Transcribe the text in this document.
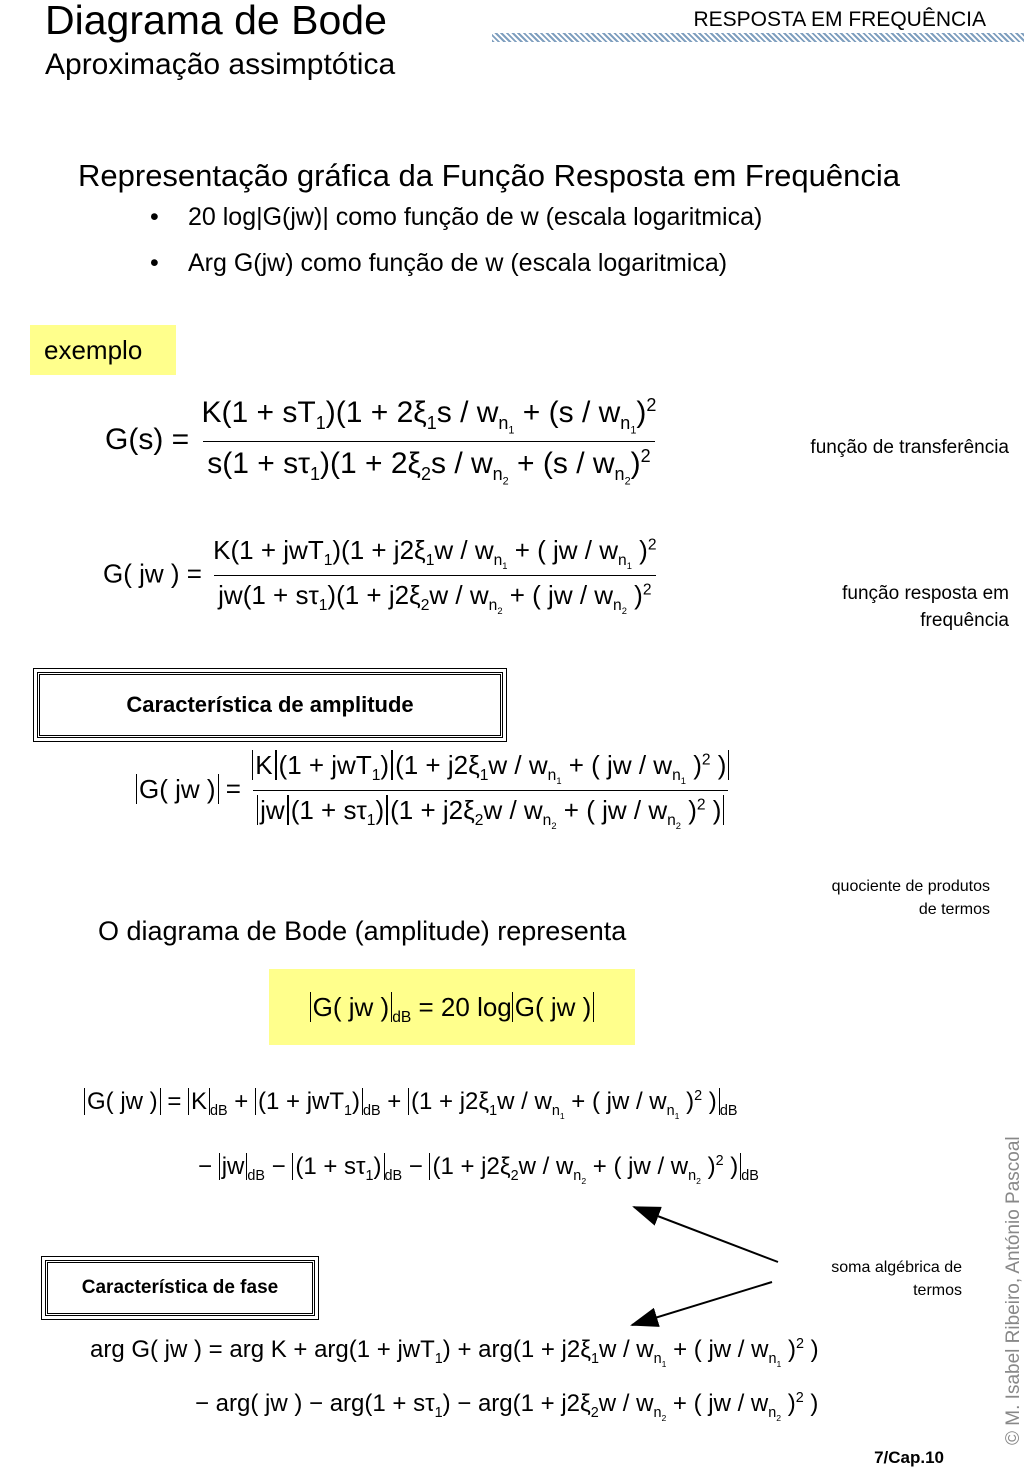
Diagrama de Bode
Aproximação assimptótica
RESPOSTA EM FREQUÊNCIA
Representação gráfica da Função Resposta em Frequência
• 20 log|G(jw)| como função de w (escala logaritmica)
• Arg G(jw) como função de w (escala logaritmica)
exemplo
$G(s) = \frac{K(1 + sT_1)(1 + 2\xi_1s / w_{n_1} + (s / w_{n_1})^2}{s(1 + s\tau_1)(1 + 2\xi_2s / w_{n_2} + (s / w_{n_2})^2}$	função de transferência
G( jw ) = $\frac{K(1 + jwT_1)(1 + j2\xi_1w / w_{n_1} + ( jw / w_{n_1} )^2}{jw(1 + s\tau_1)(1 + j2\xi_2w / w_{n_2} + ( jw / w_{n_2} )^2}$	função resposta em
frequência
Característica de amplitude
G( jw ) = $\frac{K (1 + jwT_1) (1 + j2\xi_1w / w_{n_1} + ( jw / w_{n_1} )^2 )}{jw (1 + s\tau_1) (1 + j2\xi_2w / w_{n_2} + ( jw / w_{n_2} )^2 )}$
quociente de produtos
de termos
O diagrama de Bode (amplitude) representa
G( jw ) $_{dB}$ = 20 log G( jw )
G( jw ) = K $_{dB}$ + (1 + jwT$_1$) $_{dB} + (1 + j2\xi_1w / w_{n_1}$ + ( jw / $w_{n_1}$ )$^2$ ) $_{dB}$
− jw $_{dB} - (1 + s\tau_1)$ $_{dB} - (1 + j2\xi_2w / w_{n_2}$ + ( jw / $w_{n_2}$ )$^2$ ) $_{dB}$
soma algébrica de
termos
Característica de fase
arg G( jw ) = arg $K + arg(1 + jwT_1) + arg(1 + j2\xi_1w / w_{n_1}$ + ( jw / $w_{n_1}$ )$^2$ )
− arg( jw ) − $arg(1 + s\tau_1) - arg(1 + j2\xi_2w / w_{n_2}$ + ( jw / $w_{n_2}$ )$^2$ )	© M. Isabel Ribeiro, António Pascoal
7/Cap.10
